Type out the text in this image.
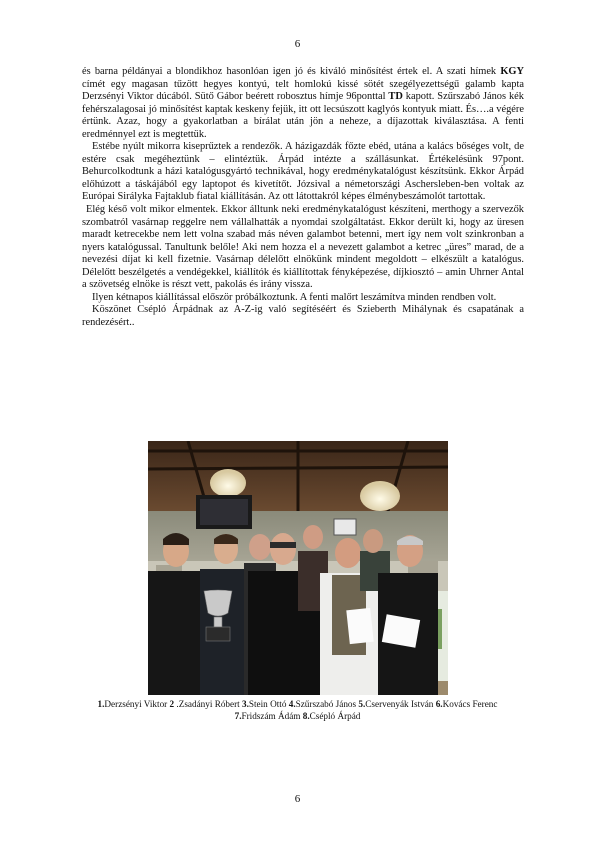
6

és barna példányai a blondikhoz hasonlóan igen jó és kiváló minősítést értek el. A szati hímek KGY címét egy magasan tűzött hegyes kontyú, telt homlokú kissé sötét szegélyezettségű galamb kapta Derzsényi Viktor dúcából. Sütő Gábor beérett robosztus hímje 96ponttal TD kapott. Szűrszabó János kék fehérszalagosai jó minősítést kaptak keskeny fejük, itt ott lecsúszott kaglyós kontyuk miatt. És….a végére értünk. Azaz, hogy a gyakorlatban a bírálat után jön a neheze, a díjazottak kiválasztása. A fenti eredménnyel ezt is megtettük.

Estébe nyúlt mikorra kiseprűztek a rendezők. A házigazdák főzte ebéd, utána a kalács bőséges volt, de estére csak megéheztünk – elintéztük. Árpád intézte a szállásunkat. Értékelésünk 97pont. Behurcolkodtunk a házi katalógusgyártó technikával, hogy eredménykatalógust készítsünk. Ekkor Árpád előhúzott a táskájából egy laptopot és kivetítőt. Józsival a németországi Aschersleben-ben voltak az Európai Sirályka Fajtaklub fiatal kiállításán. Az ott látottakról képes élménybeszámolót tartottak.

Elég késő volt mikor elmentek. Ekkor álltunk neki eredménykatalógust készíteni, merthogy a szervezők szombatról vasárnap reggelre nem vállalhatták a nyomdai szolgáltatást. Ekkor derült ki, hogy az üresen maradt ketrecekbe nem lett volna szabad más néven galambot betenni, mert így nem volt szinkronban a nyers katalógussal. Tanultunk belőle! Aki nem hozza el a nevezett galambot a ketrec „üres” marad, de a nevezési díjat ki kell fizetnie. Vasárnap délelőtt elnökünk mindent megoldott – elkészült a katalógus. Délelőtt beszélgetés a vendégekkel, kiállítók és kiállítottak fényképezése, díjkiosztó – amin Uhrner Antal a szövetség elnöke is részt vett, pakolás és irány vissza.

Ilyen kétnapos kiállítással először próbálkoztunk. A fenti malőrt leszámítva minden rendben volt.

Köszönet Csépló Árpádnak az A-Z-ig való segítéséért és Szieberth Mihálynak és csapatának a rendezésért..

1.Derzsényi Viktor 2 .Zsadányi Róbert 3.Stein Ottó 4.Szűrszabó János 5.Cservenyák István 6.Kovács Ferenc
7.Fridszám Ádám 8.Csépló Árpád
6
